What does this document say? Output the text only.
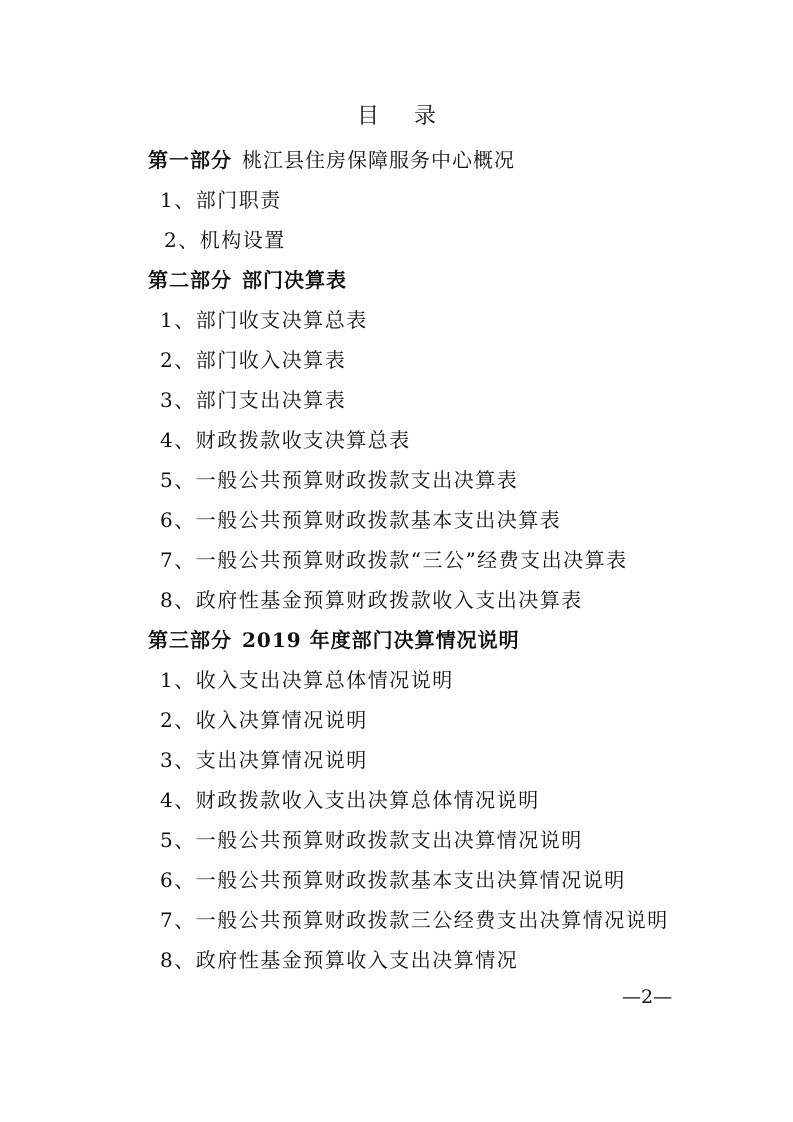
目 录
第一部分 桃江县住房保障服务中心概况
1、部门职责
2、机构设置
第二部分 部门决算表
1、部门收支决算总表
2、部门收入决算表
3、部门支出决算表
4、财政拨款收支决算总表
5、一般公共预算财政拨款支出决算表
6、一般公共预算财政拨款基本支出决算表
7、一般公共预算财政拨款“三公”经费支出决算表
8、政府性基金预算财政拨款收入支出决算表
第三部分 2019 年度部门决算情况说明
1、收入支出决算总体情况说明
2、收入决算情况说明
3、支出决算情况说明
4、财政拨款收入支出决算总体情况说明
5、一般公共预算财政拨款支出决算情况说明
6、一般公共预算财政拨款基本支出决算情况说明
7、一般公共预算财政拨款三公经费支出决算情况说明
8、政府性基金预算收入支出决算情况
—2—
